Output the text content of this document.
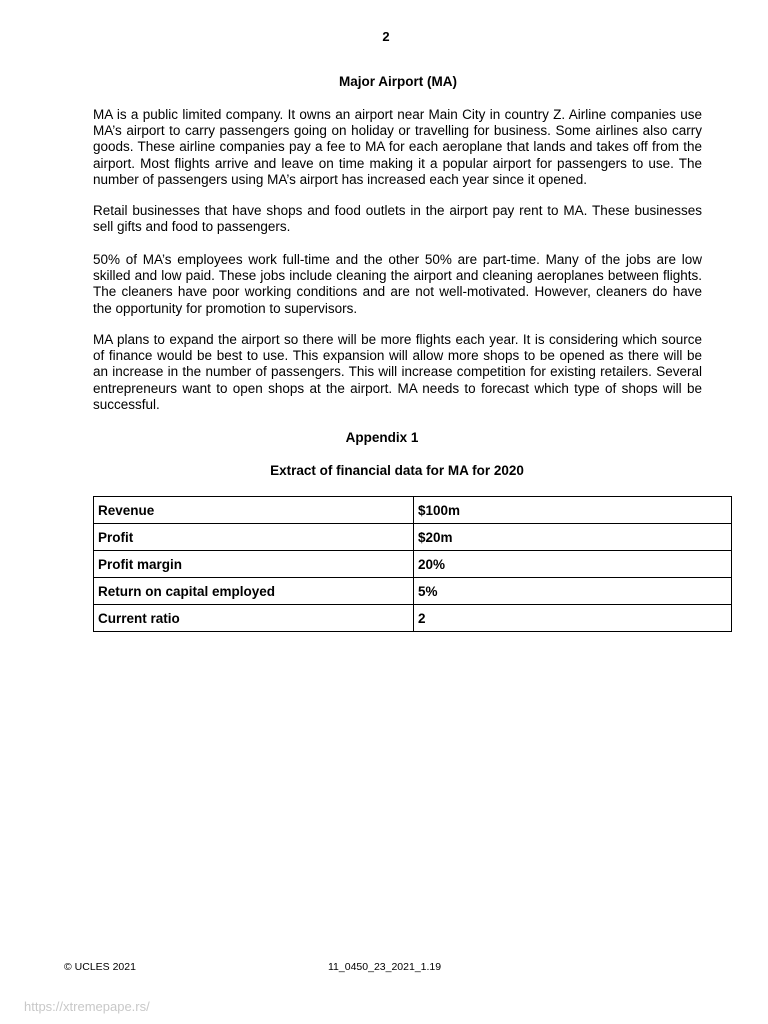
2
Major Airport (MA)

MA is a public limited company. It owns an airport near Main City in country Z. Airline companies use MA’s airport to carry passengers going on holiday or travelling for business. Some airlines also carry goods. These airline companies pay a fee to MA for each aeroplane that lands and takes off from the airport. Most flights arrive and leave on time making it a popular airport for passengers to use. The number of passengers using MA’s airport has increased each year since it opened.

Retail businesses that have shops and food outlets in the airport pay rent to MA. These businesses sell gifts and food to passengers.

50% of MA’s employees work full-time and the other 50% are part-time. Many of the jobs are low skilled and low paid. These jobs include cleaning the airport and cleaning aeroplanes between flights. The cleaners have poor working conditions and are not well-motivated. However, cleaners do have the opportunity for promotion to supervisors.

MA plans to expand the airport so there will be more flights each year. It is considering which source of finance would be best to use. This expansion will allow more shops to be opened as there will be an increase in the number of passengers. This will increase competition for existing retailers. Several entrepreneurs want to open shops at the airport. MA needs to forecast which type of shops will be successful.

Appendix 1
Extract of financial data for MA for 2020
Revenue	$100m
Profit	$20m
Profit margin	20%
Return on capital employed	5%
Current ratio	2
© UCLES 2021	11_0450_23_2021_1.19
https://xtremepape.rs/
